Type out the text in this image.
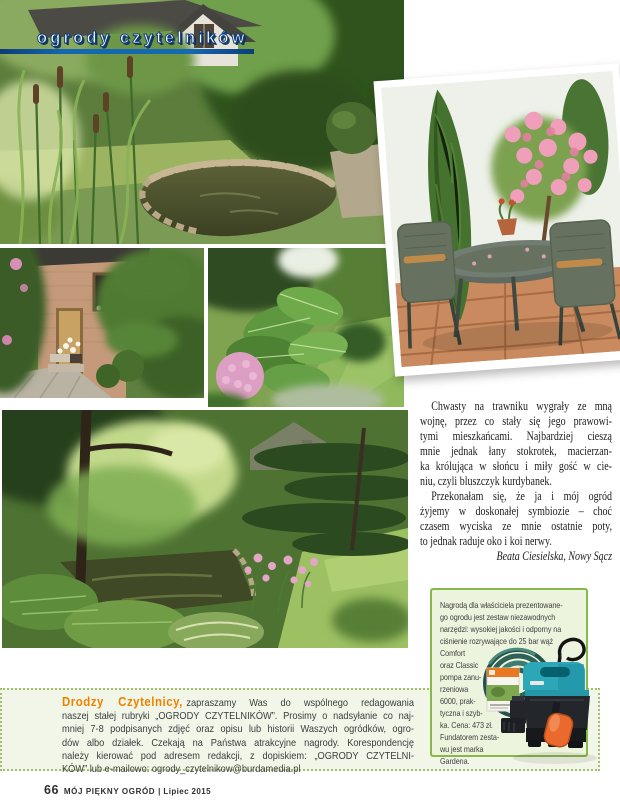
ogrody czytelników
Chwasty na trawniku wygrały ze mną
wojnę, przez co stały się jego prawowi-
tymi mieszkańcami. Najbardziej cieszą
mnie jednak łany stokrotek, macierzan-
ka królująca w słońcu i miły gość w cie-
niu, czyli bluszczyk kurdybanek.
Przekonałam się, że ja i mój ogród
żyjemy w doskonałej symbiozie – choć
czasem wyciska ze mnie ostatnie poty,
to jednak raduje oko i koi nerwy.
Beata Ciesielska, Nowy Sącz
Drodzy Czytelnicy, zapraszamy Was do wspólnego redagowania
naszej stałej rubryki „OGRODY CZYTELNIKÓW”. Prosimy o nadsyłanie co naj-
mniej 7-8 podpisanych zdjęć oraz opisu lub historii Waszych ogródków, ogro-
dów albo działek. Czekają na Państwa atrakcyjne nagrody. Korespondencję
należy kierować pod adresem redakcji, z dopiskiem: „OGRODY CZYTELNI-
KÓW” lub e-mailowo: ogrody_czytelnikow@burdamedia.pl
Nagrodą dla właściciela prezentowane-
go ogrodu jest zestaw niezawodnych
narzędzi: wysokiej jakości i odporny na
ciśnienie rozrywające do 25 bar wąż
Comfort
oraz Classic
pompa zanu-
rzeniowa
6000, prak-
tyczna i szyb-
ka. Cena: 473 zł.
Fundatorem zesta-
wu jest marka
Gardena.
66 MÓJ PIĘKNY OGRÓD | Lipiec 2015
